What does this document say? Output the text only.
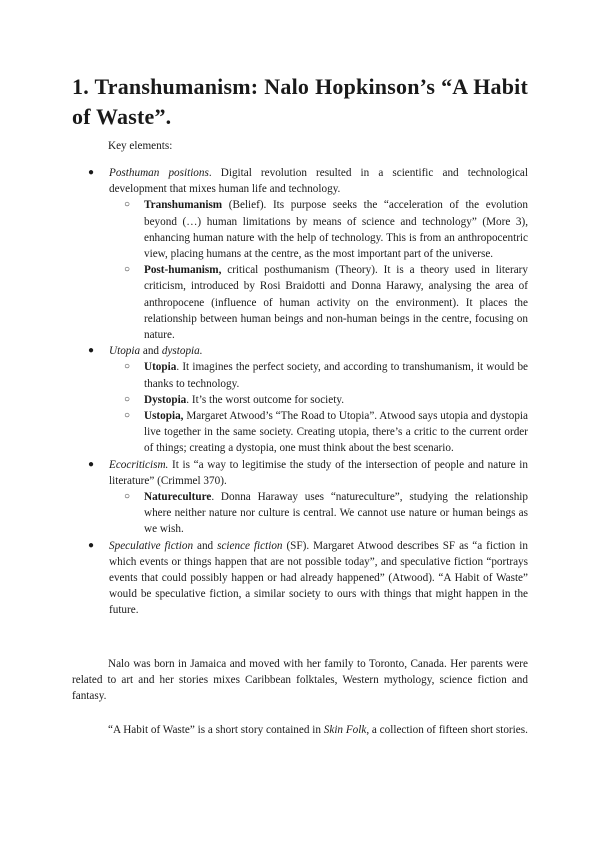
1. Transhumanism: Nalo Hopkinson’s “A Habit of Waste”.
Key elements:
● Posthuman positions. Digital revolution resulted in a scientific and technological development that mixes human life and technology.
○ Transhumanism (Belief). Its purpose seeks the “acceleration of the evolution beyond (…) human limitations by means of science and technology” (More 3), enhancing human nature with the help of technology. This is from an anthropocentric view, placing humans at the centre, as the most important part of the universe.
○ Post-humanism, critical posthumanism (Theory). It is a theory used in literary criticism, introduced by Rosi Braidotti and Donna Harawy, analysing the area of anthropocene (influence of human activity on the environment). It places the relationship between human beings and non-human beings in the centre, focusing on nature.
● Utopia and dystopia.
○ Utopia. It imagines the perfect society, and according to transhumanism, it would be thanks to technology.
○ Dystopia. It’s the worst outcome for society.
○ Ustopia, Margaret Atwood’s “The Road to Utopia”. Atwood says utopia and dystopia live together in the same society. Creating utopia, there’s a critic to the current order of things; creating a dystopia, one must think about the best scenario.
● Ecocriticism. It is “a way to legitimise the study of the intersection of people and nature in literature” (Crimmel 370).
○ Natureculture. Donna Haraway uses “natureculture”, studying the relationship where neither nature nor culture is central. We cannot use nature or human beings as we wish.
● Speculative fiction and science fiction (SF). Margaret Atwood describes SF as “a fiction in which events or things happen that are not possible today”, and speculative fiction “portrays events that could possibly happen or had already happened” (Atwood). “A Habit of Waste” would be speculative fiction, a similar society to ours with things that might happen in the future.
Nalo was born in Jamaica and moved with her family to Toronto, Canada. Her parents were related to art and her stories mixes Caribbean folktales, Western mythology, science fiction and fantasy.
“A Habit of Waste” is a short story contained in Skin Folk, a collection of fifteen short stories.
